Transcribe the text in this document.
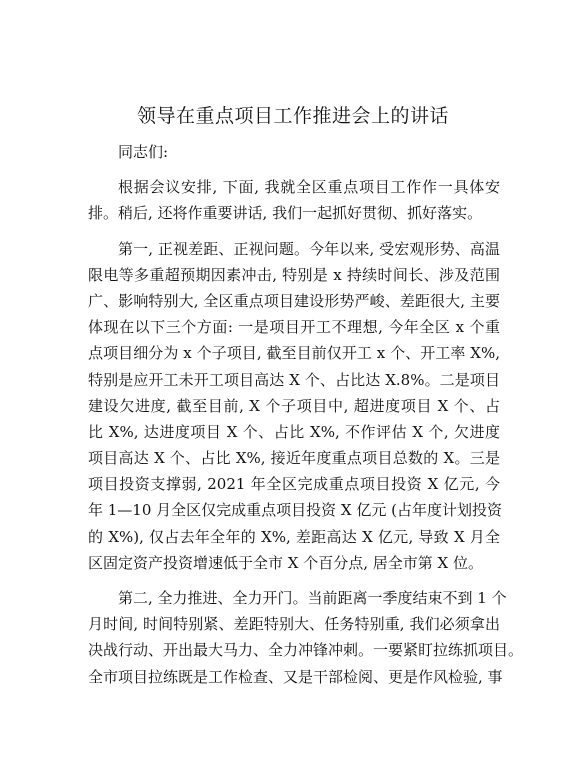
领导在重点项目工作推进会上的讲话
同志们:
根据会议安排, 下面, 我就全区重点项目工作作一具体安
排。稍后, 还将作重要讲话, 我们一起抓好贯彻、抓好落实。
第一, 正视差距、正视问题。今年以来, 受宏观形势、高温
限电等多重超预期因素冲击, 特别是 x 持续时间长、涉及范围
广、影响特别大, 全区重点项目建设形势严峻、差距很大, 主要
体现在以下三个方面: 一是项目开工不理想, 今年全区 x 个重
点项目细分为 x 个子项目, 截至目前仅开工 x 个、开工率 X%,
特别是应开工未开工项目高达 X 个、占比达 X.8%。二是项目
建设欠进度, 截至目前, X 个子项目中, 超进度项目 X 个、占
比 X%, 达进度项目 X 个、占比 X%, 不作评估 X 个, 欠进度
项目高达 X 个、占比 X%, 接近年度重点项目总数的 X。三是
项目投资支撑弱, 2021 年全区完成重点项目投资 X 亿元, 今
年 1—10 月全区仅完成重点项目投资 X 亿元 (占年度计划投资
的 X%), 仅占去年全年的 X%, 差距高达 X 亿元, 导致 X 月全
区固定资产投资增速低于全市 X 个百分点, 居全市第 X 位。
第二, 全力推进、全力开门。当前距离一季度结束不到 1 个
月时间, 时间特别紧、差距特别大、任务特别重, 我们必须拿出
决战行动、开出最大马力、全力冲锋冲刺。一要紧盯拉练抓项目。
全市项目拉练既是工作检查、又是干部检阅、更是作风检验, 事
